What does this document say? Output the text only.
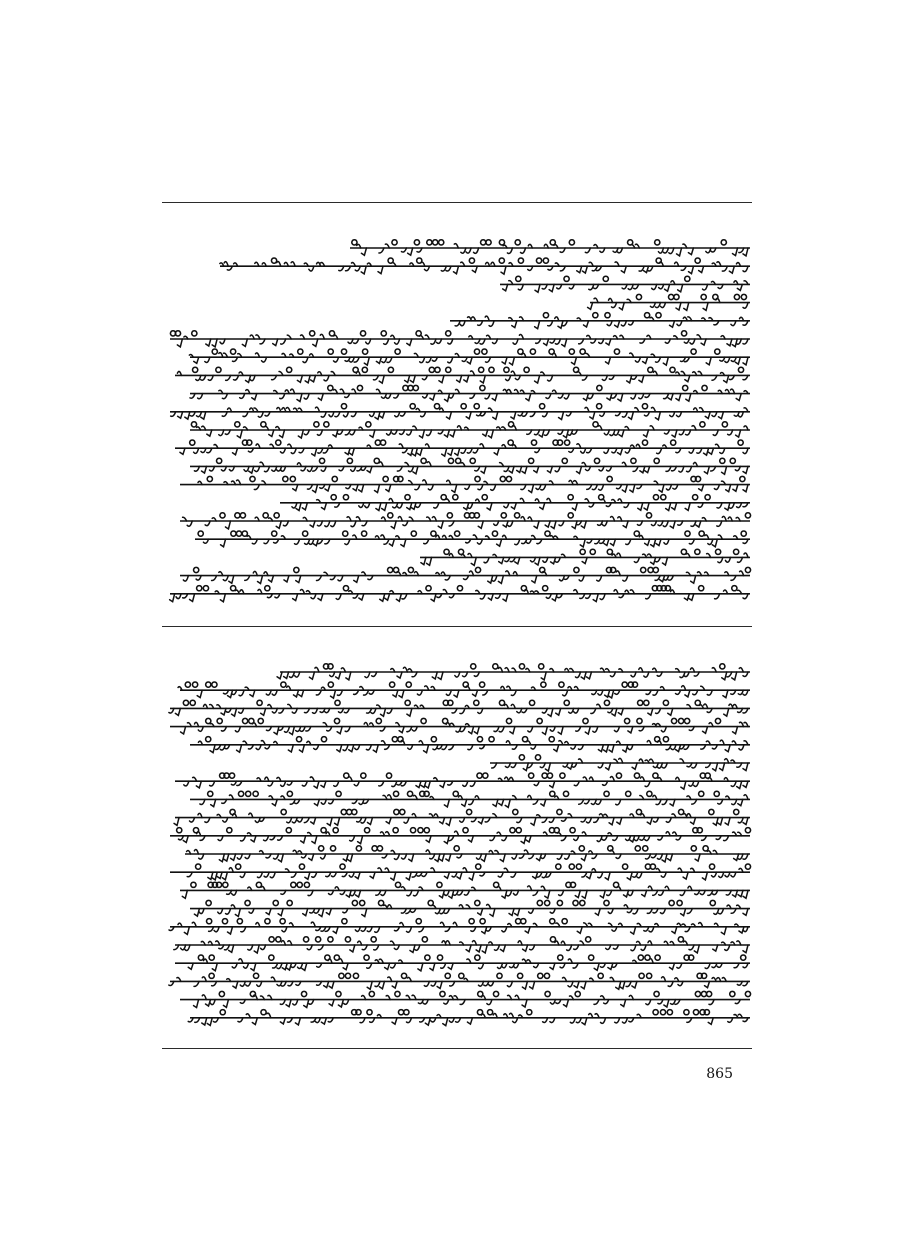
865
